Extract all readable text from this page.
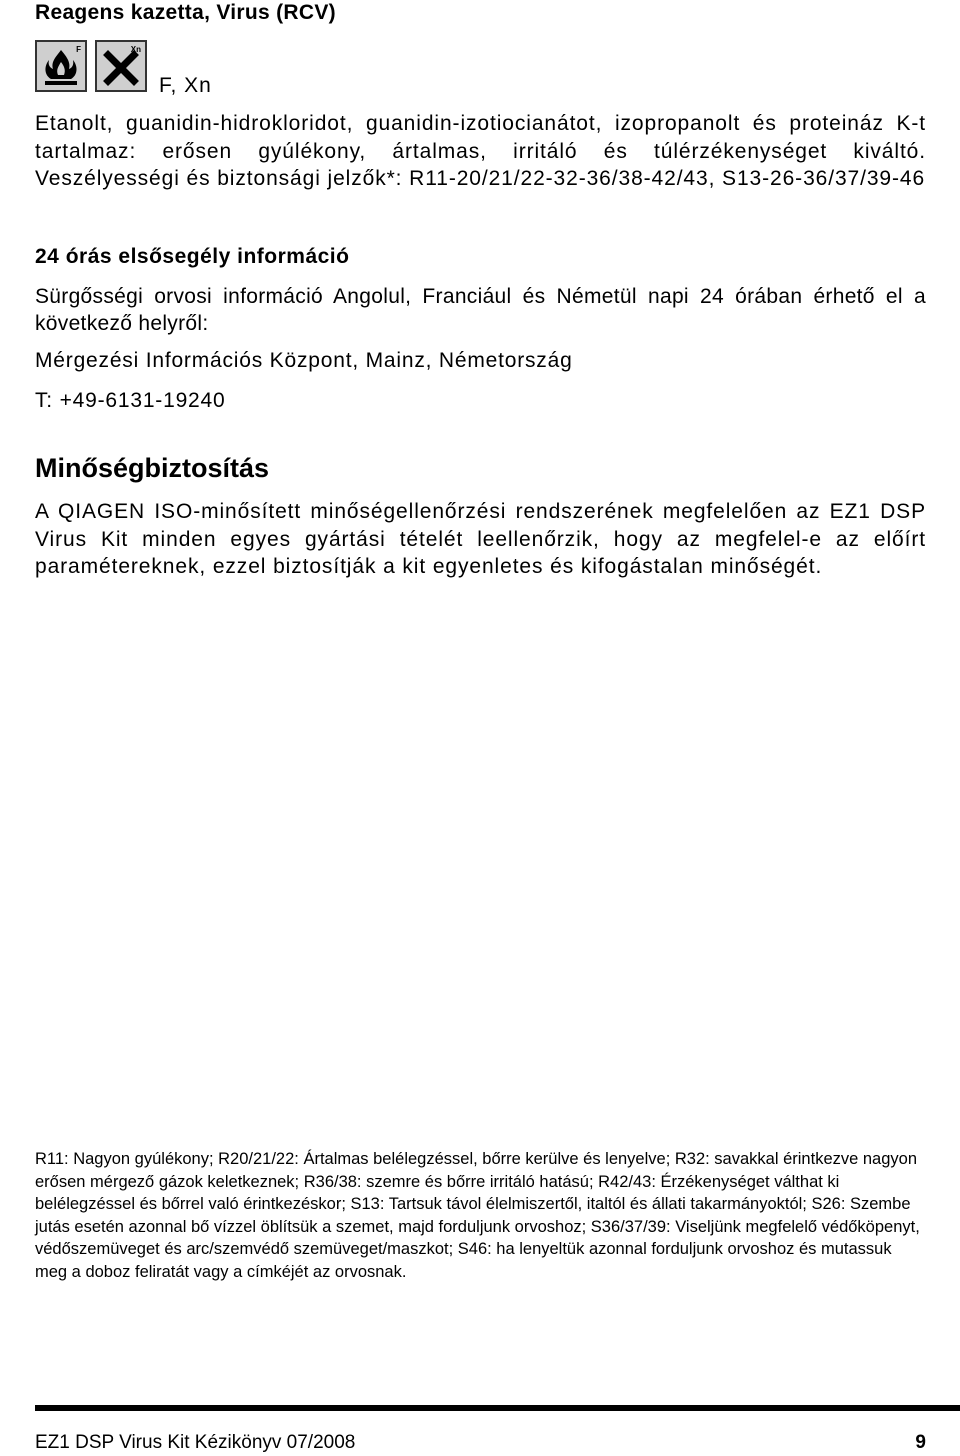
Reagens kazetta, Virus (RCV)
F	Xn
F, Xn
Etanolt, guanidin-hidrokloridot, guanidin-izotiocianátot, izopropanolt és proteináz K-t tartalmaz: erősen gyúlékony, ártalmas, irritáló és túlérzékenységet kiváltó. Veszélyességi és biztonsági jelzők*: R11-20/21/22-32-36/38-42/43, S13-26-36/37/39-46
24 órás elsősegély információ
Sürgősségi orvosi információ Angolul, Franciául és Németül napi 24 órában érhető el a következő helyről:
Mérgezési Információs Központ, Mainz, Németország
T: +49-6131-19240
Minőségbiztosítás
A QIAGEN ISO-minősített minőségellenőrzési rendszerének megfelelően az EZ1 DSP Virus Kit minden egyes gyártási tételét leellenőrzik, hogy az megfelel-e az előírt paramétereknek, ezzel biztosítják a kit egyenletes és kifogástalan minőségét.
R11: Nagyon gyúlékony; R20/21/22: Ártalmas belélegzéssel, bőrre kerülve és lenyelve; R32: savakkal érintkezve nagyon erősen mérgező gázok keletkeznek; R36/38: szemre és bőrre irritáló hatású; R42/43: Érzékenységet válthat ki belélegzéssel és bőrrel való érintkezéskor; S13: Tartsuk távol élelmiszertől, italtól és állati takarmányoktól; S26: Szembe jutás esetén azonnal bő vízzel öblítsük a szemet, majd forduljunk orvoshoz; S36/37/39: Viseljünk megfelelő védőköpenyt, védőszemüveget és arc/szemvédő szemüveget/maszkot; S46: ha lenyeltük azonnal forduljunk orvoshoz és mutassuk meg a doboz feliratát vagy a címkéjét az orvosnak.
EZ1 DSP Virus Kit Kézikönyv 07/2008	9
